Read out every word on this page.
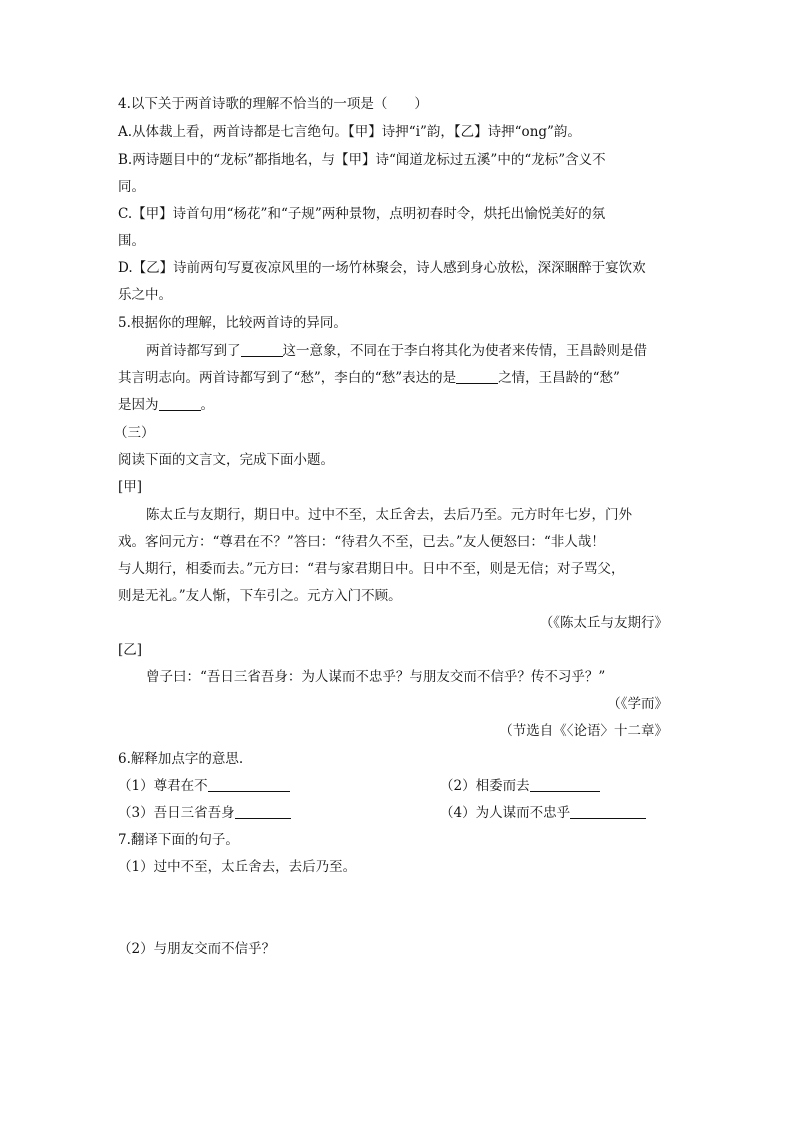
4.以下关于两首诗歌的理解不恰当的一项是（　　）
A.从体裁上看，两首诗都是七言绝句。【甲】诗押“i”韵，【乙】诗押“ong”韵。
B.两诗题目中的“龙标”都指地名，与【甲】诗“闻道龙标过五溪”中的“龙标”含义不
同。
C.【甲】诗首句用“杨花”和“子规”两种景物，点明初春时令，烘托出愉悦美好的氛
围。
D.【乙】诗前两句写夏夜凉风里的一场竹林聚会，诗人感到身心放松，深深睏醉于宴饮欢
乐之中。
5.根据你的理解，比较两首诗的异同。
两首诗都写到了	这一意象，不同在于李白将其化为使者来传情，王昌龄则是借
其言明志向。两首诗都写到了“愁”，李白的“愁”表达的是	之情，王昌龄的“愁”
是因为	。
（三）
阅读下面的文言文，完成下面小题。
[甲]
陈太丘与友期行，期日中。过中不至，太丘舍去，去后乃至。元方时年七岁，门外
戏。客问元方：“尊君在不？”答曰：“待君久不至，已去。”友人便怒曰：“非人哉！
与人期行，相委而去。”元方曰：“君与家君期日中。日中不至，则是无信；对子骂父，
则是无礼。”友人惭，下车引之。元方入门不顾。
（《陈太丘与友期行》
[乙]
曾子曰：“吾日三省吾身：为人谋而不忠乎？与朋友交而不信乎？传不习乎？”
（《学而》
（节选自《〈论语〉十二章》
6.解释加点字的意思.
（1）尊君在不	（2）相委而去
（3）吾日三省吾身	（4）为人谋而不忠乎
7.翻译下面的句子。
（1）过中不至，太丘舍去，去后乃至。
（2）与朋友交而不信乎？
